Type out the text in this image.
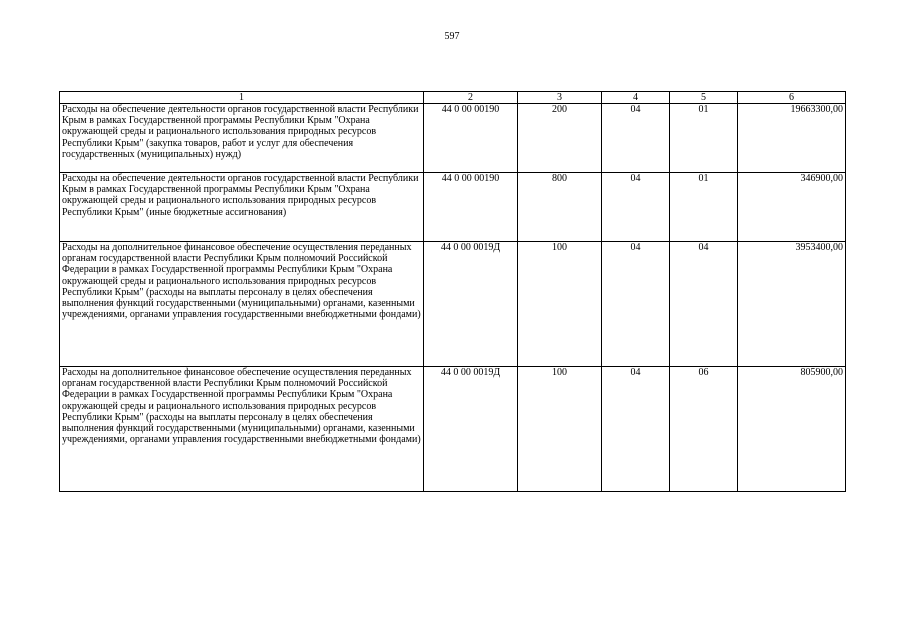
597
1	2	3	4	5	6
Расходы на обеспечение деятельности органов государственной власти Республики Крым в рамках Государственной программы Республики Крым "Охрана окружающей среды и рационального использования природных ресурсов Республики Крым" (закупка товаров, работ и услуг для обеспечения государственных (муниципальных) нужд)	44 0 00 00190	200	04	01	19663300,00
Расходы на обеспечение деятельности органов государственной власти Республики Крым в рамках Государственной программы Республики Крым "Охрана окружающей среды и рационального использования природных ресурсов Республики Крым" (иные бюджетные ассигнования)	44 0 00 00190	800	04	01	346900,00
Расходы на дополнительное финансовое обеспечение осуществления переданных органам государственной власти Республики Крым полномочий Российской Федерации в рамках Государственной программы Республики Крым "Охрана окружающей среды и рационального использования природных ресурсов Республики Крым" (расходы на выплаты персоналу в целях обеспечения выполнения функций государственными (муниципальными) органами, казенными учреждениями, органами управления государственными внебюджетными фондами)	44 0 00 0019Д	100	04	04	3953400,00
Расходы на дополнительное финансовое обеспечение осуществления переданных органам государственной власти Республики Крым полномочий Российской Федерации в рамках Государственной программы Республики Крым "Охрана окружающей среды и рационального использования природных ресурсов Республики Крым" (расходы на выплаты персоналу в целях обеспечения выполнения функций государственными (муниципальными) органами, казенными учреждениями, органами управления государственными внебюджетными фондами)	44 0 00 0019Д	100	04	06	805900,00
